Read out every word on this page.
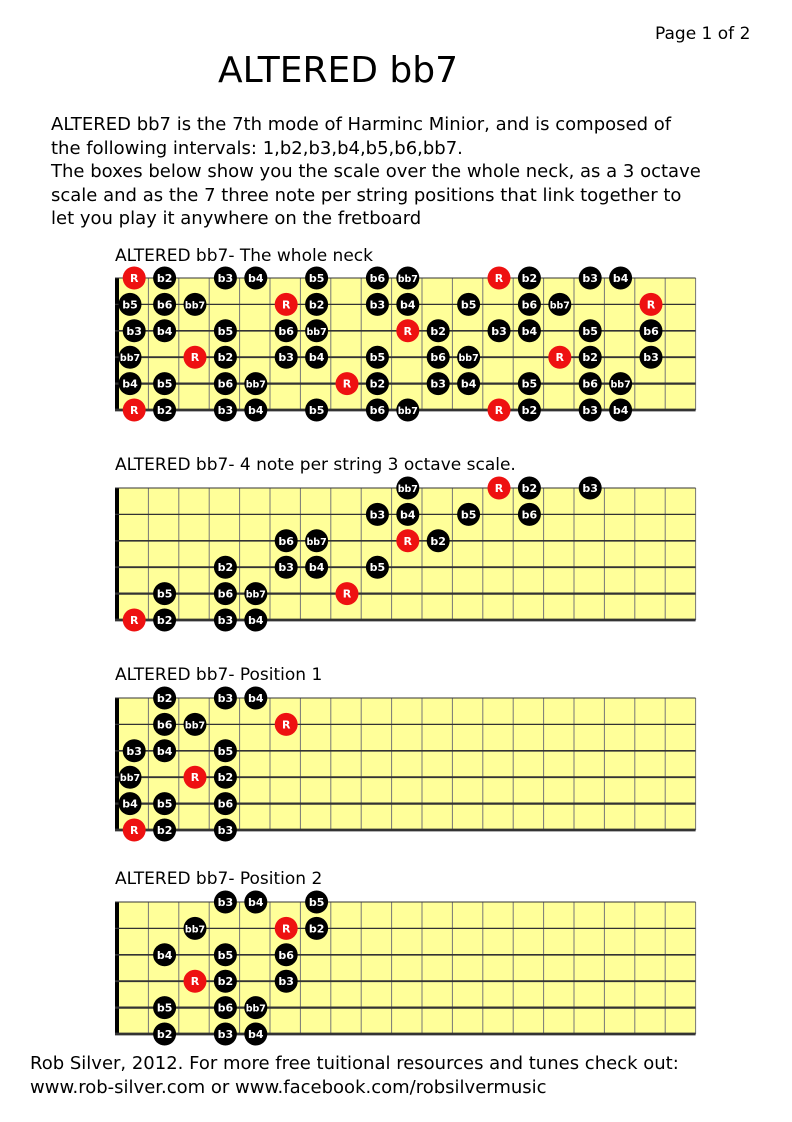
Page 1 of 2
ALTERED bb7
ALTERED bb7 is the 7th mode of Harminc Minior, and is composed of
the following intervals: 1,b2,b3,b4,b5,b6,bb7.
The boxes below show you the scale over the whole neck, as a 3 octave
scale and as the 7 three note per string positions that link together to
let you play it anywhere on the fretboard
ALTERED bb7- The whole neck
ALTERED bb7- 4 note per string 3 octave scale.
ALTERED bb7- Position 1
ALTERED bb7- Position 2
R b2	b3 b4	b5	b6 bb7	R b2	b3 b4
b5 b6 bb7	R b2	b3 b4	b5	b6 bb7	R
b3 b4	b5	b6 bb7	R b2	b3 b4	b5	b6
bb7	R b2	b3 b4	b5	b6 bb7	R b2	b3
b4 b5	b6 bb7	R b2	b3 b4	b5	b6 bb7
R b2	b3 b4	b5	b6 bb7	R b2	b3 b4
bb7	R b2	b3
b3 b4	b5	b6
b6 bb7	R b2
b2	b3 b4	b5
b5	b6 bb7	R
R b2	b3 b4
b2	b3 b4
b6 bb7	R
b3 b4	b5
bb7	R b2
b4 b5	b6
R b2	b3
b3 b4	b5
bb7	R b2
b4	b5	b6
R b2	b3
b5	b6 bb7
b2	b3 b4
Rob Silver, 2012. For more free tuitional resources and tunes check out:
www.rob-silver.com or www.facebook.com/robsilvermusic
